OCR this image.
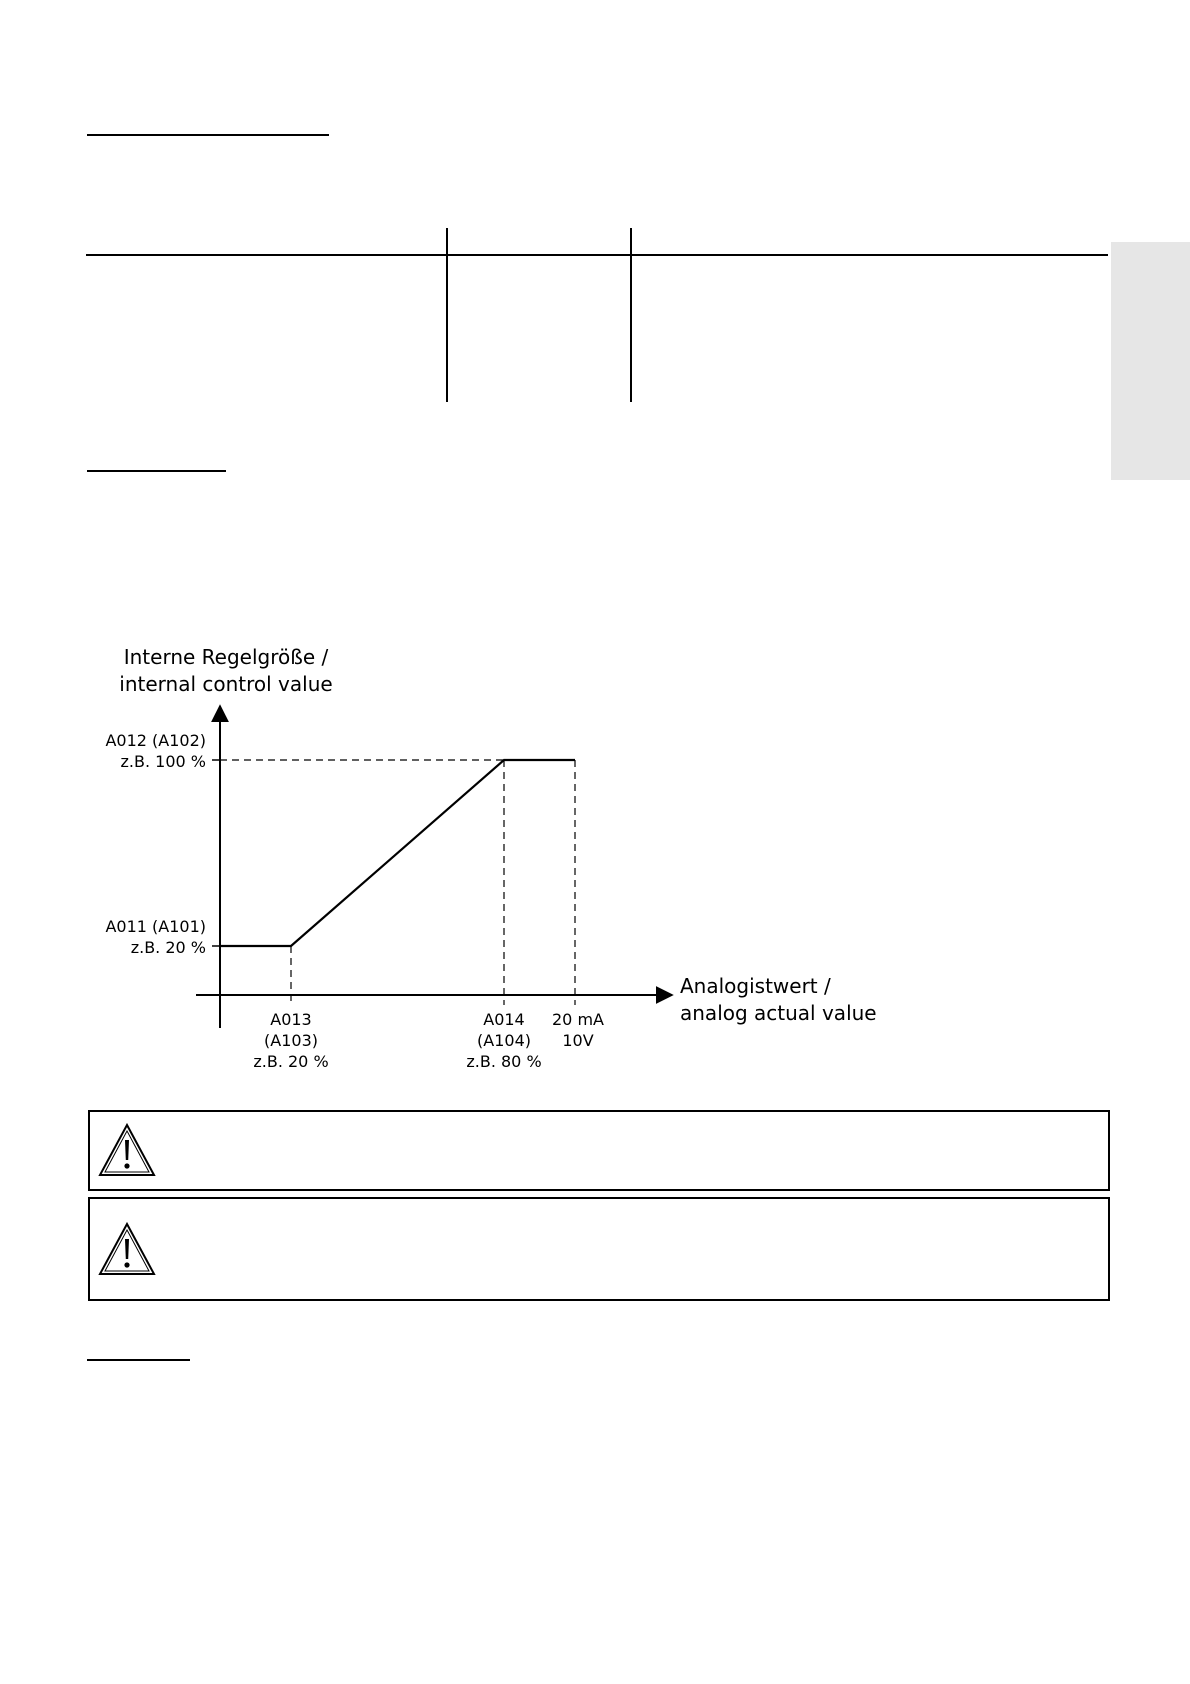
A012 (A102)
z.B. 100 %
A011 (A101)
z.B. 20 %
A013
(A103)
z.B. 20 %
A014
(A104)
z.B. 80 %
20 mA
10V
Interne Regelgröße /
internal control value
Analogistwert /
analog actual value
